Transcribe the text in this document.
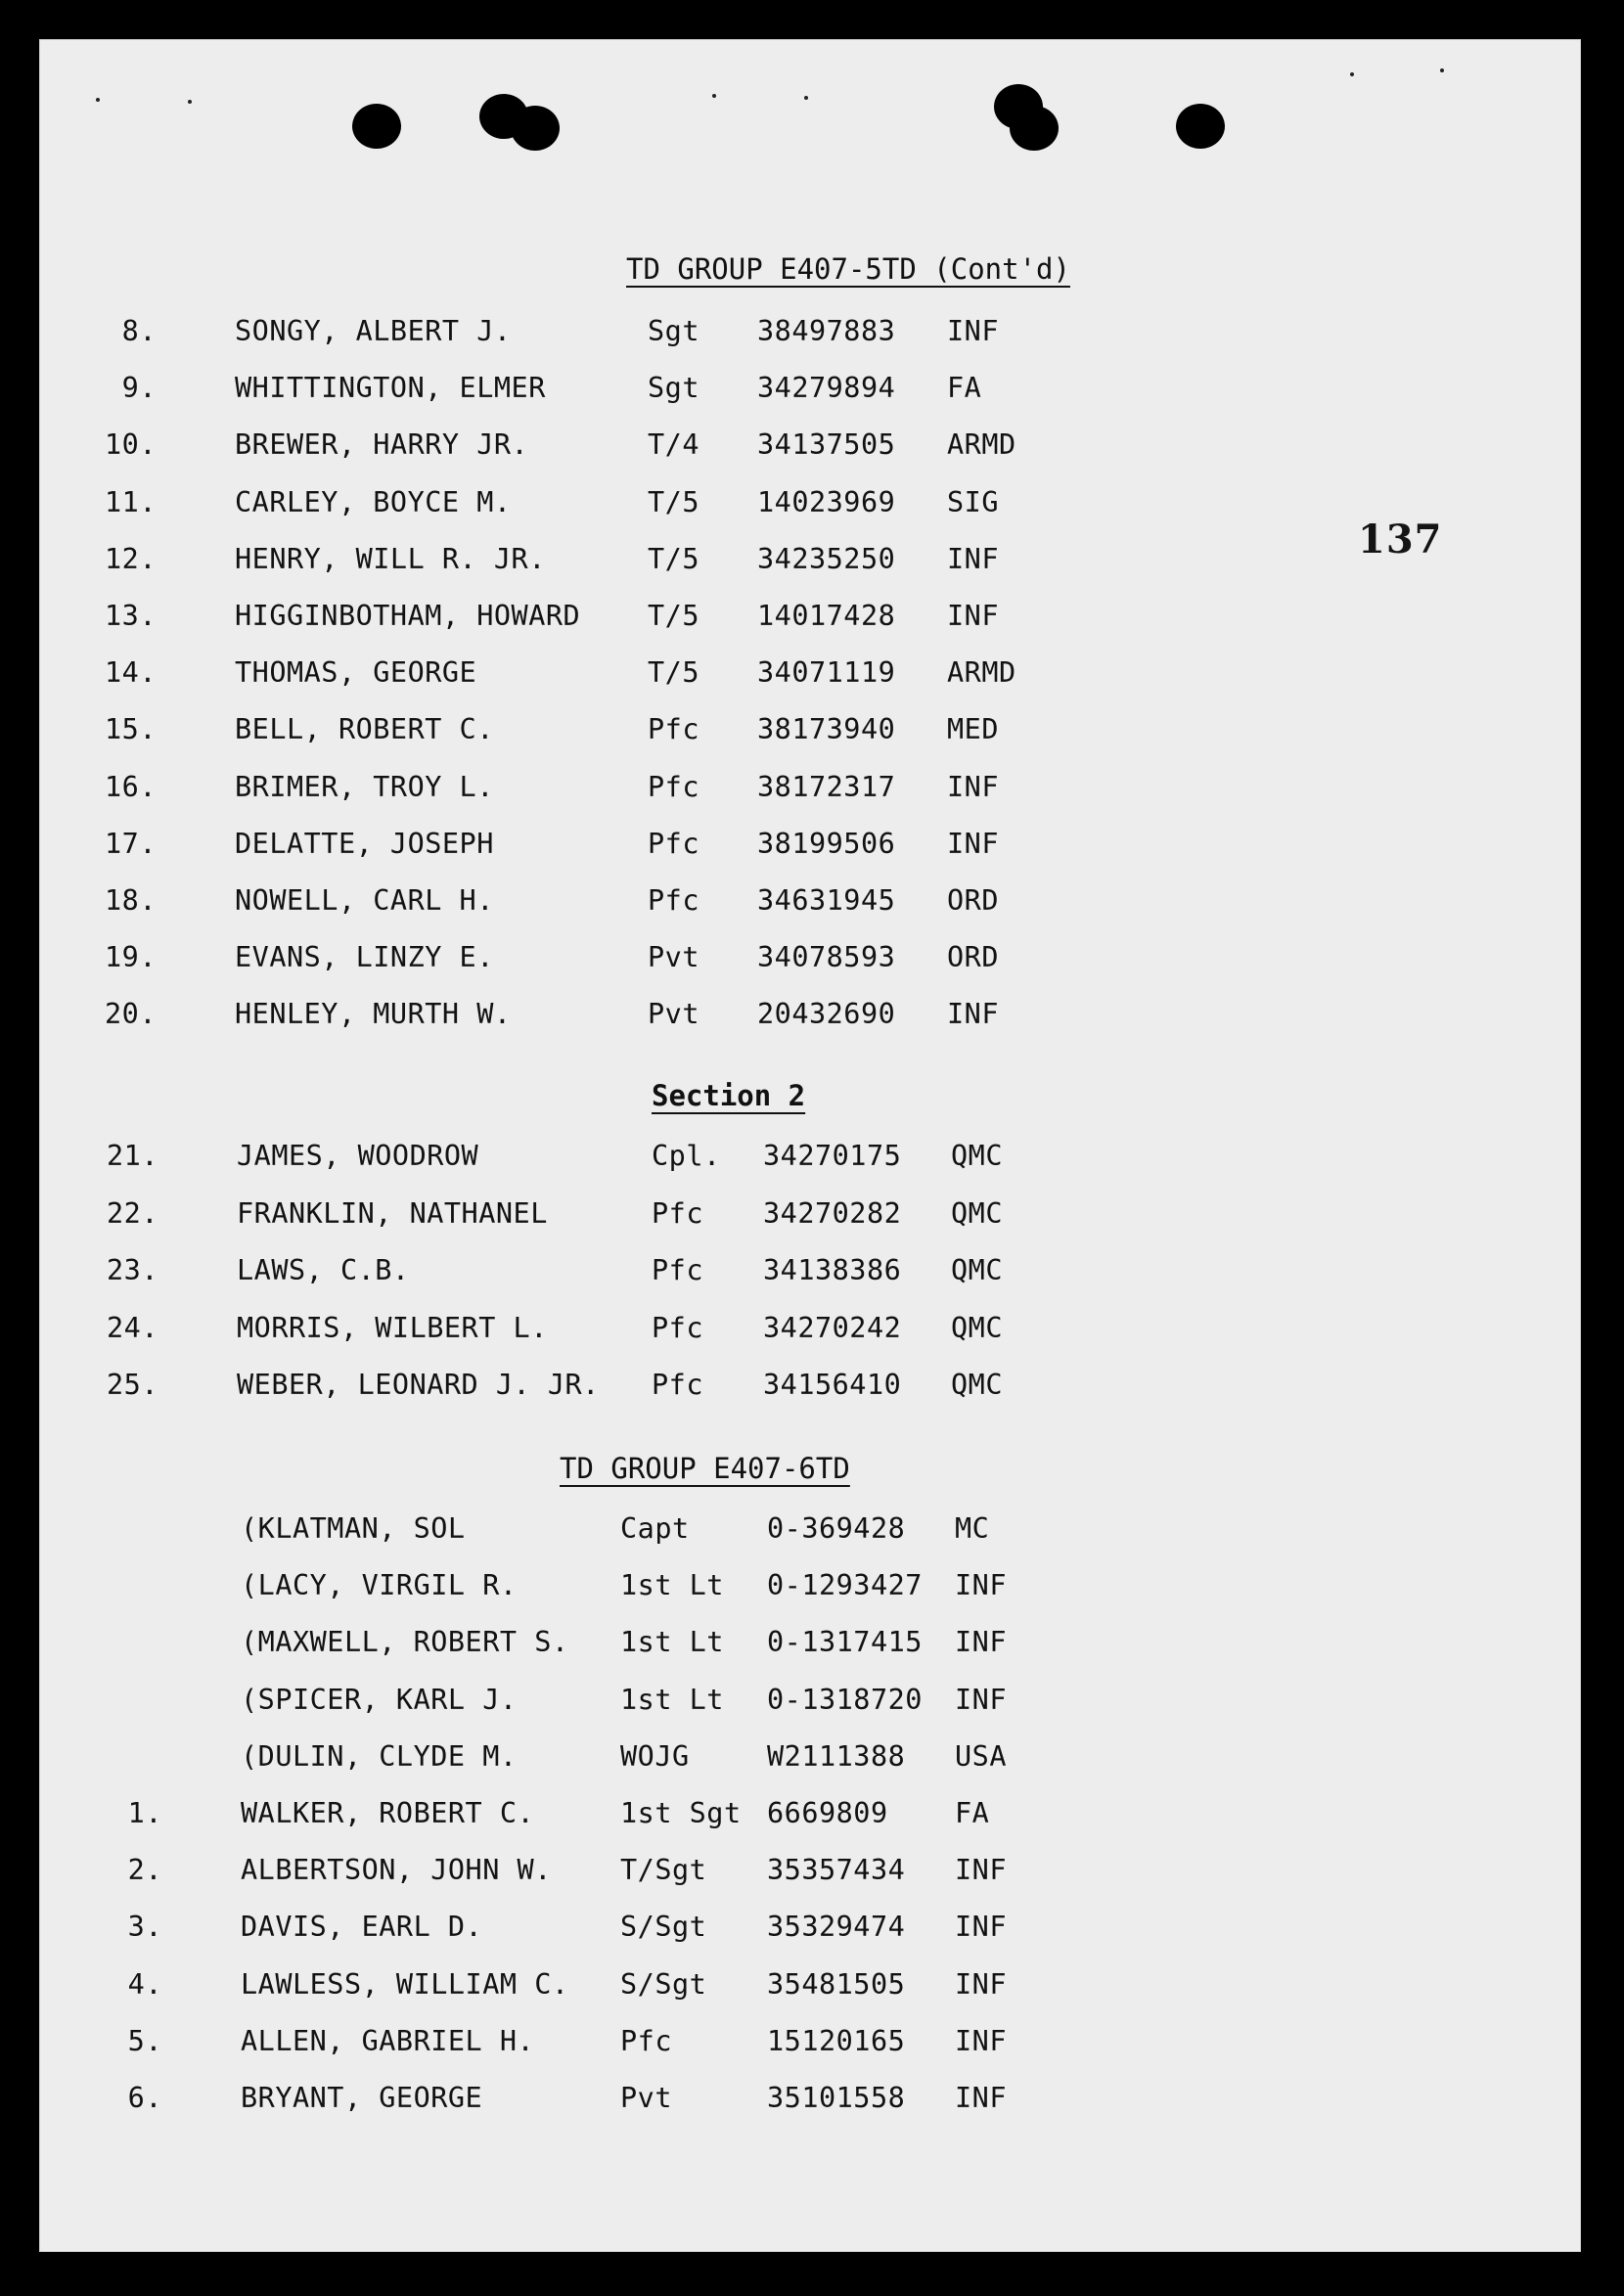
137
TD GROUP E407-5TD (Cont'd)
8.	SONGY, ALBERT J.	Sgt 38497883 INF
9.	WHITTINGTON, ELMER	Sgt 34279894 FA
10.	BREWER, HARRY JR.	T/4 34137505 ARMD
11.	CARLEY, BOYCE M.	T/5 14023969 SIG
12.	HENRY, WILL R. JR.	T/5 34235250 INF
13.	HIGGINBOTHAM, HOWARD T/5 14017428 INF
14.	THOMAS, GEORGE	T/5 34071119 ARMD
15.	BELL, ROBERT C.	Pfc 38173940 MED
16.	BRIMER, TROY L.	Pfc 38172317 INF
17.	DELATTE, JOSEPH	Pfc 38199506 INF
18.	NOWELL, CARL H.	Pfc 34631945 ORD
19.	EVANS, LINZY E.	Pvt 34078593 ORD
20.	HENLEY, MURTH W.	Pvt 20432690 INF
Section 2
21.	JAMES, WOODROW	Cpl. 34270175 QMC
22.	FRANKLIN, NATHANEL	Pfc 34270282 QMC
23.	LAWS, C.B.	Pfc 34138386 QMC
24.	MORRIS, WILBERT L.	Pfc 34270242 QMC
25.	WEBER, LEONARD J. JR. Pfc 34156410 QMC
TD GROUP E407-6TD
(KLATMAN, SOL	Capt	0-369428 MC
(LACY, VIRGIL R.	1st Lt 0-1293427 INF
(MAXWELL, ROBERT S. 1st Lt 0-1317415 INF
(SPICER, KARL J.	1st Lt 0-1318720 INF
(DULIN, CLYDE M.	WOJG	W2111388 USA
1.	WALKER, ROBERT C.	1st Sgt 6669809 FA
2.	ALBERTSON, JOHN W. T/Sgt 35357434 INF
3.	DAVIS, EARL D.	S/Sgt 35329474 INF
4.	LAWLESS, WILLIAM C. S/Sgt 35481505 INF
5.	ALLEN, GABRIEL H.	Pfc	15120165 INF
6.	BRYANT, GEORGE	Pvt	35101558 INF
